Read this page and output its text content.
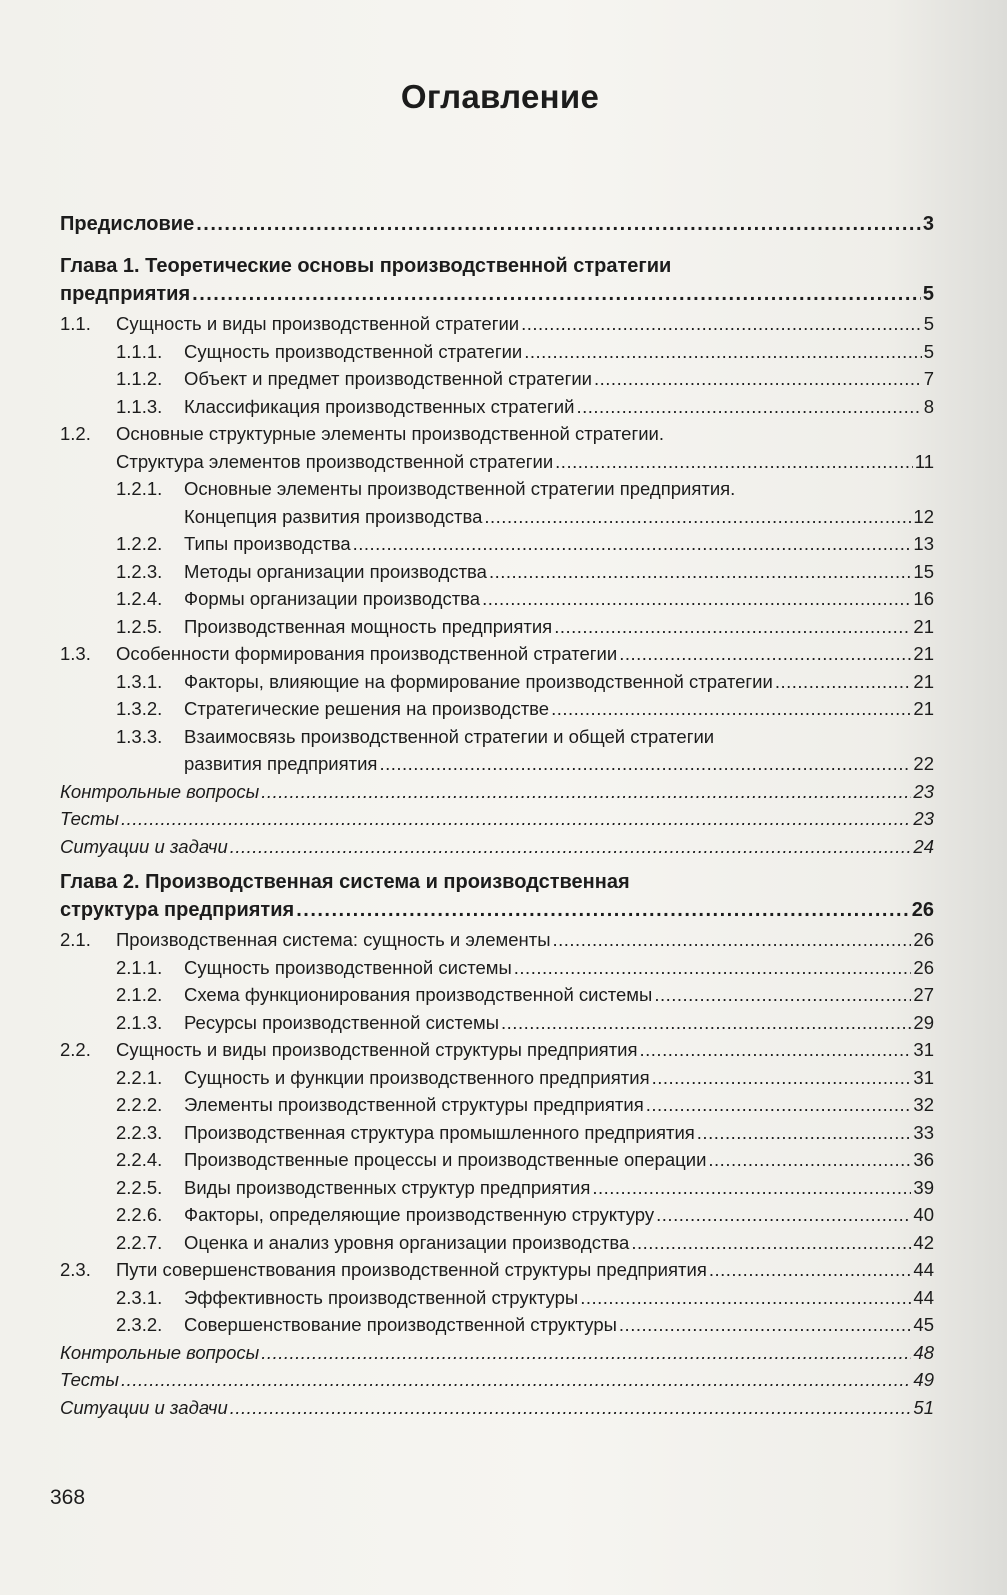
Оглавление
Предисловие .....	3
Глава 1. Теоретические основы производственной стратегии
предприятия .....	5
1.1. Сущность и виды производственной стратегии .....	5
1.1.1. Сущность производственной стратегии .....	5
1.1.2. Объект и предмет производственной стратегии .....	7
1.1.3. Классификация производственных стратегий .....	8
1.2. Основные структурные элементы производственной стратегии.
Структура элементов производственной стратегии .....	11
1.2.1. Основные элементы производственной стратегии предприятия.
Концепция развития производства .....	12
1.2.2. Типы производства .....	13
1.2.3. Методы организации производства .....	15
1.2.4. Формы организации производства .....	16
1.2.5. Производственная мощность предприятия .....	21
1.3. Особенности формирования производственной стратегии .....	21
1.3.1. Факторы, влияющие на формирование производственной стратегии .....	21
1.3.2. Стратегические решения на производстве .....	21
1.3.3. Взаимосвязь производственной стратегии и общей стратегии
развития предприятия .....	22
Контрольные вопросы .....	23
Тесты .....	23
Ситуации и задачи .....	24
Глава 2. Производственная система и производственная
структура предприятия .....	26
2.1. Производственная система: сущность и элементы .....	26
2.1.1. Сущность производственной системы .....	26
2.1.2. Схема функционирования производственной системы .....	27
2.1.3. Ресурсы производственной системы .....	29
2.2. Сущность и виды производственной структуры предприятия .....	31
2.2.1. Сущность и функции производственного предприятия .....	31
2.2.2. Элементы производственной структуры предприятия .....	32
2.2.3. Производственная структура промышленного предприятия .....	33
2.2.4. Производственные процессы и производственные операции .....	36
2.2.5. Виды производственных структур предприятия .....	39
2.2.6. Факторы, определяющие производственную структуру .....	40
2.2.7. Оценка и анализ уровня организации производства .....	42
2.3. Пути совершенствования производственной структуры предприятия .....	44
2.3.1. Эффективность производственной структуры .....	44
2.3.2. Совершенствование производственной структуры .....	45
Контрольные вопросы .....	48
Тесты .....	49
Ситуации и задачи .....	51
368
